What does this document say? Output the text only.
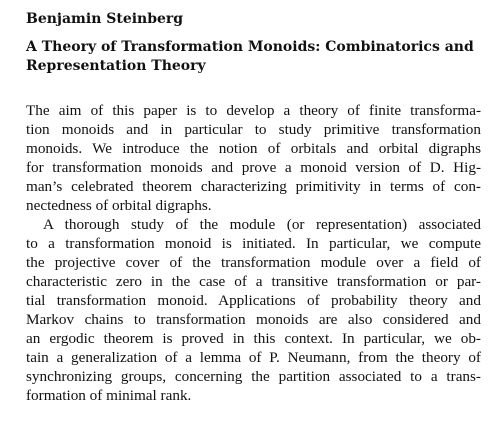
Benjamin Steinberg

A Theory of Transformation Monoids: Combinatorics and
Representation Theory
The aim of this paper is to develop a theory of finite transforma-
tion monoids and in particular to study primitive transformation
monoids. We introduce the notion of orbitals and orbital digraphs
for transformation monoids and prove a monoid version of D. Hig-
man’s celebrated theorem characterizing primitivity in terms of con-
nectedness of orbital digraphs.
A thorough study of the module (or representation) associated
to a transformation monoid is initiated. In particular, we compute
the projective cover of the transformation module over a field of
characteristic zero in the case of a transitive transformation or par-
tial transformation monoid. Applications of probability theory and
Markov chains to transformation monoids are also considered and
an ergodic theorem is proved in this context. In particular, we ob-
tain a generalization of a lemma of P. Neumann, from the theory of
synchronizing groups, concerning the partition associated to a trans-
formation of minimal rank.
